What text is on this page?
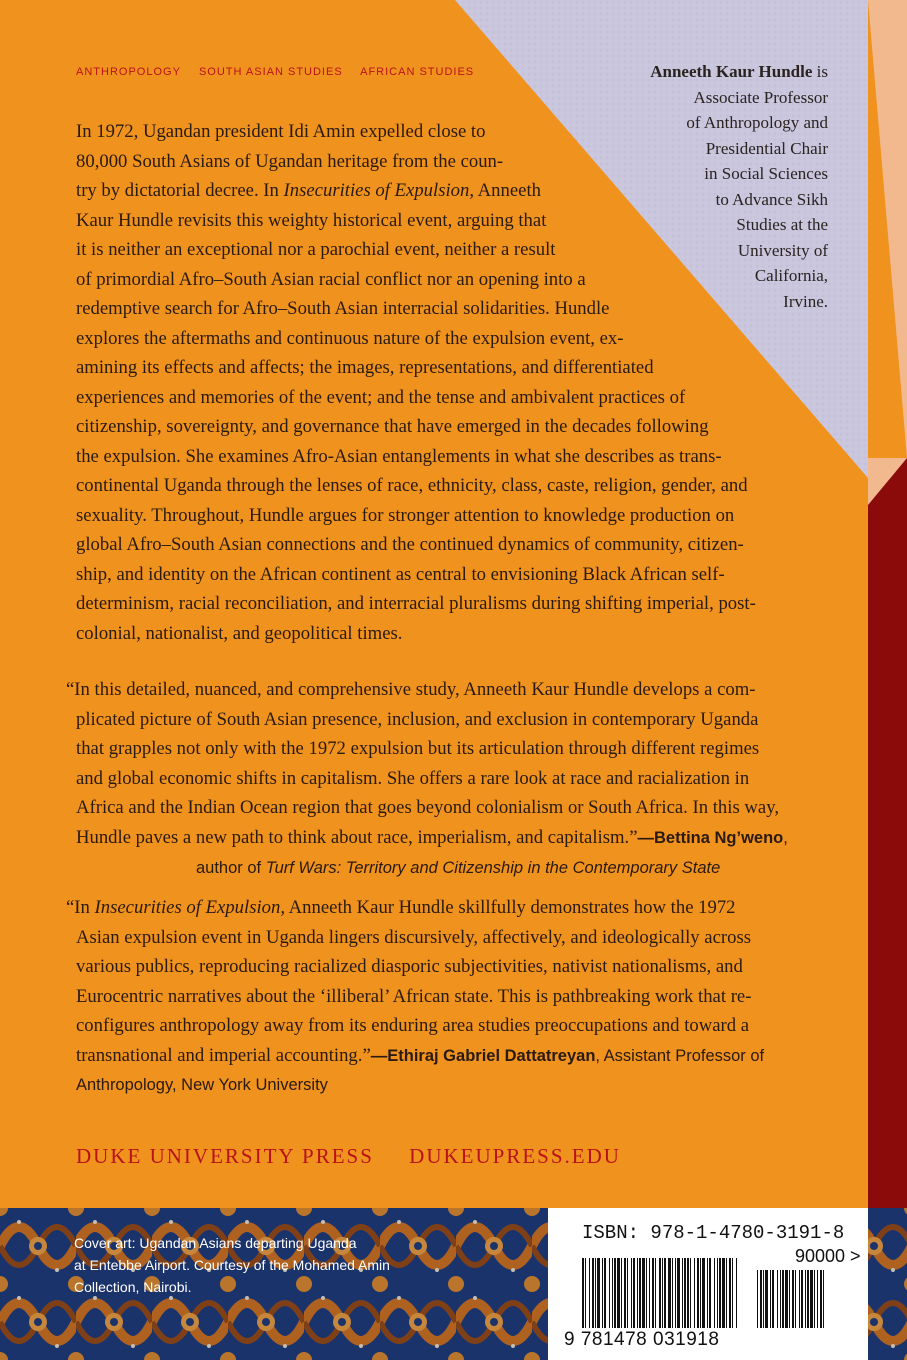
ANTHROPOLOGY SOUTH ASIAN STUDIES AFRICAN STUDIES	Anneeth Kaur Hundle is
Associate Professor
of Anthropology and
Presidential Chair
in Social Sciences
to Advance Sikh
Studies at the
University of
California,
Irvine.
In 1972, Ugandan president Idi Amin expelled close to
80,000 South Asians of Ugandan heritage from the coun-
try by dictatorial decree. In Insecurities of Expulsion, Anneeth
Kaur Hundle revisits this weighty historical event, arguing that
it is neither an exceptional nor a parochial event, neither a result
of primordial Afro–South Asian racial conflict nor an opening into a
redemptive search for Afro–South Asian interracial solidarities. Hundle
explores the aftermaths and continuous nature of the expulsion event, ex-
amining its effects and affects; the images, representations, and differentiated
experiences and memories of the event; and the tense and ambivalent practices of
citizenship, sovereignty, and governance that have emerged in the decades following
the expulsion. She examines Afro-Asian entanglements in what she describes as trans-
continental Uganda through the lenses of race, ethnicity, class, caste, religion, gender, and
sexuality. Throughout, Hundle argues for stronger attention to knowledge production on
global Afro–South Asian connections and the continued dynamics of community, citizen-
ship, and identity on the African continent as central to envisioning Black African self-
determinism, racial reconciliation, and interracial pluralisms during shifting imperial, post-
colonial, nationalist, and geopolitical times.
“In this detailed, nuanced, and comprehensive study, Anneeth Kaur Hundle develops a com-
plicated picture of South Asian presence, inclusion, and exclusion in contemporary Uganda
that grapples not only with the 1972 expulsion but its articulation through different regimes
and global economic shifts in capitalism. She offers a rare look at race and racialization in
Africa and the Indian Ocean region that goes beyond colonialism or South Africa. In this way,
Hundle paves a new path to think about race, imperialism, and capitalism.”—Bettina Ng’weno,
author of Turf Wars: Territory and Citizenship in the Contemporary State
“In Insecurities of Expulsion, Anneeth Kaur Hundle skillfully demonstrates how the 1972
Asian expulsion event in Uganda lingers discursively, affectively, and ideologically across
various publics, reproducing racialized diasporic subjectivities, nativist nationalisms, and
Eurocentric narratives about the ‘illiberal’ African state. This is pathbreaking work that re-
configures anthropology away from its enduring area studies preoccupations and toward a
transnational and imperial accounting.”—Ethiraj Gabriel Dattatreyan, Assistant Professor of
Anthropology, New York University
DUKE UNIVERSITY PRESS DUKEUPRESS.EDU
Cover art: Ugandan Asians departing Uganda
at Entebbe Airport. Courtesy of the Mohamed Amin
Collection, Nairobi.
ISBN: 978-1-4780-3191-8
90000 >
9 781478 031918
